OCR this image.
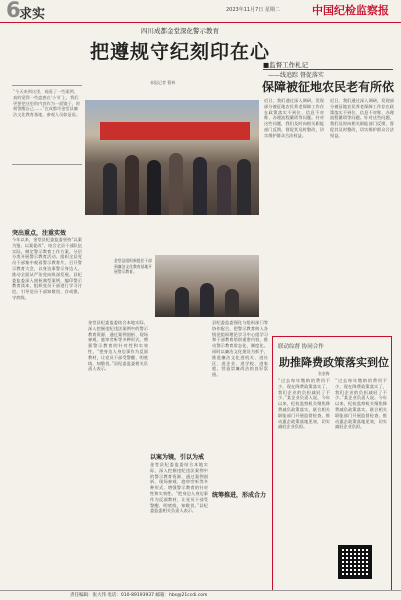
6
求实	2023年11月7日 星期二	中国纪检监察报
四川成都金堂深化警示教育
把遵规守纪刻印在心
本报记者 曹林
“今天来到这里，观看了一些案例，真的觉得一些蛊惑在‘小节’上，我们更要把这里的内容作为一面镜子，时刻警醒自己……”在成都市金堂县廉洁文化教育基地，参观人员如是说。
金堂县组织新提任干部到廉洁文化教育基地开展警示教育。
突出重点，注重实效
今年以来，金堂县纪委监委坚持“以案为鉴、以案促改”，结合全县干部队伍实际，制定警示教育工作方案，分层分类开展警示教育活动。组织全县党员干部集中观看警示教育片，召开警示教育大会，以身边事警示身边人，推动全面从严治党向纵深发展。县纪委监委深入剖析典型案例，编印警示教育读本，组织党员干部进行学习讨论，引导党员干部知敬畏、存戒惧、守底线。
以案为镜，引以为戒
金堂县纪委监委结合本地实际，深入挖掘违纪违法案例中的警示教育资源，通过案例剖析、现场参观、庭审旁听等多种形式，增强警示教育的针对性和实效性。“把身边人身边事作为反面教材，让党员干部受警醒、明底线、知敬畏。”县纪委监委相关负责人表示。
金堂县纪委监委结合本地实际，深入挖掘违纪违法案例中的警示教育资源，通过案例剖析、现场参观、庭审旁听等多种形式，增强警示教育的针对性和实效性。“把身边人身边事作为反面教材，让党员干部受警醒、明底线、知敬畏。”县纪委监委相关负责人表示。
统筹推进，形成合力
县纪委监委强化与组织部门等协作配合，把警示教育纳入各级党组织理论学习中心组学习和干部教育培训重要内容，推动警示教育常态化、制度化。同时以廉洁文化建设为抓手，推进廉洁文化进机关、进社区、进企业、进学校、进家庭，营造崇廉尚洁的良好氛围。
■监督工作札记
——线追踪 督促落实
保障被征地农民老有所依
近日，我们通过深入调研，发现部分被征地农民养老保障工作存在政策落实不到位、信息不对称、办理流程繁琐等问题。针对这些问题，我们及时向相关职能部门反馈，督促其及时整改，切实维护群众合法权益。
近日，我们通过深入调研，发现部分被征地农民养老保障工作存在政策落实不到位、信息不对称、办理流程繁琐等问题。针对这些问题，我们及时向相关职能部门反馈，督促其及时整改，切实维护群众合法权益。
联动综督 协同合作
助推降费政策落实到位
张金梅
“过去每年缴纳的费用不少，现在降费政策落实了，我们企业的负担减轻了不少。”某企业负责人说。今年以来，纪检监察机关聚焦降费减负政策落实，联合相关职能部门开展监督检查，推动惠企政策落地见效，切实减轻企业负担。
“过去每年缴纳的费用不少，现在降费政策落实了，我们企业的负担减轻了不少。”某企业负责人说。今年以来，纪检监察机关聚焦降费减负政策落实，联合相关职能部门开展监督检查，推动惠企政策落地见效，切实减轻企业负担。
责任编辑：张大伟 电话：010-89193937 邮箱：hbs@21ccdi.com
